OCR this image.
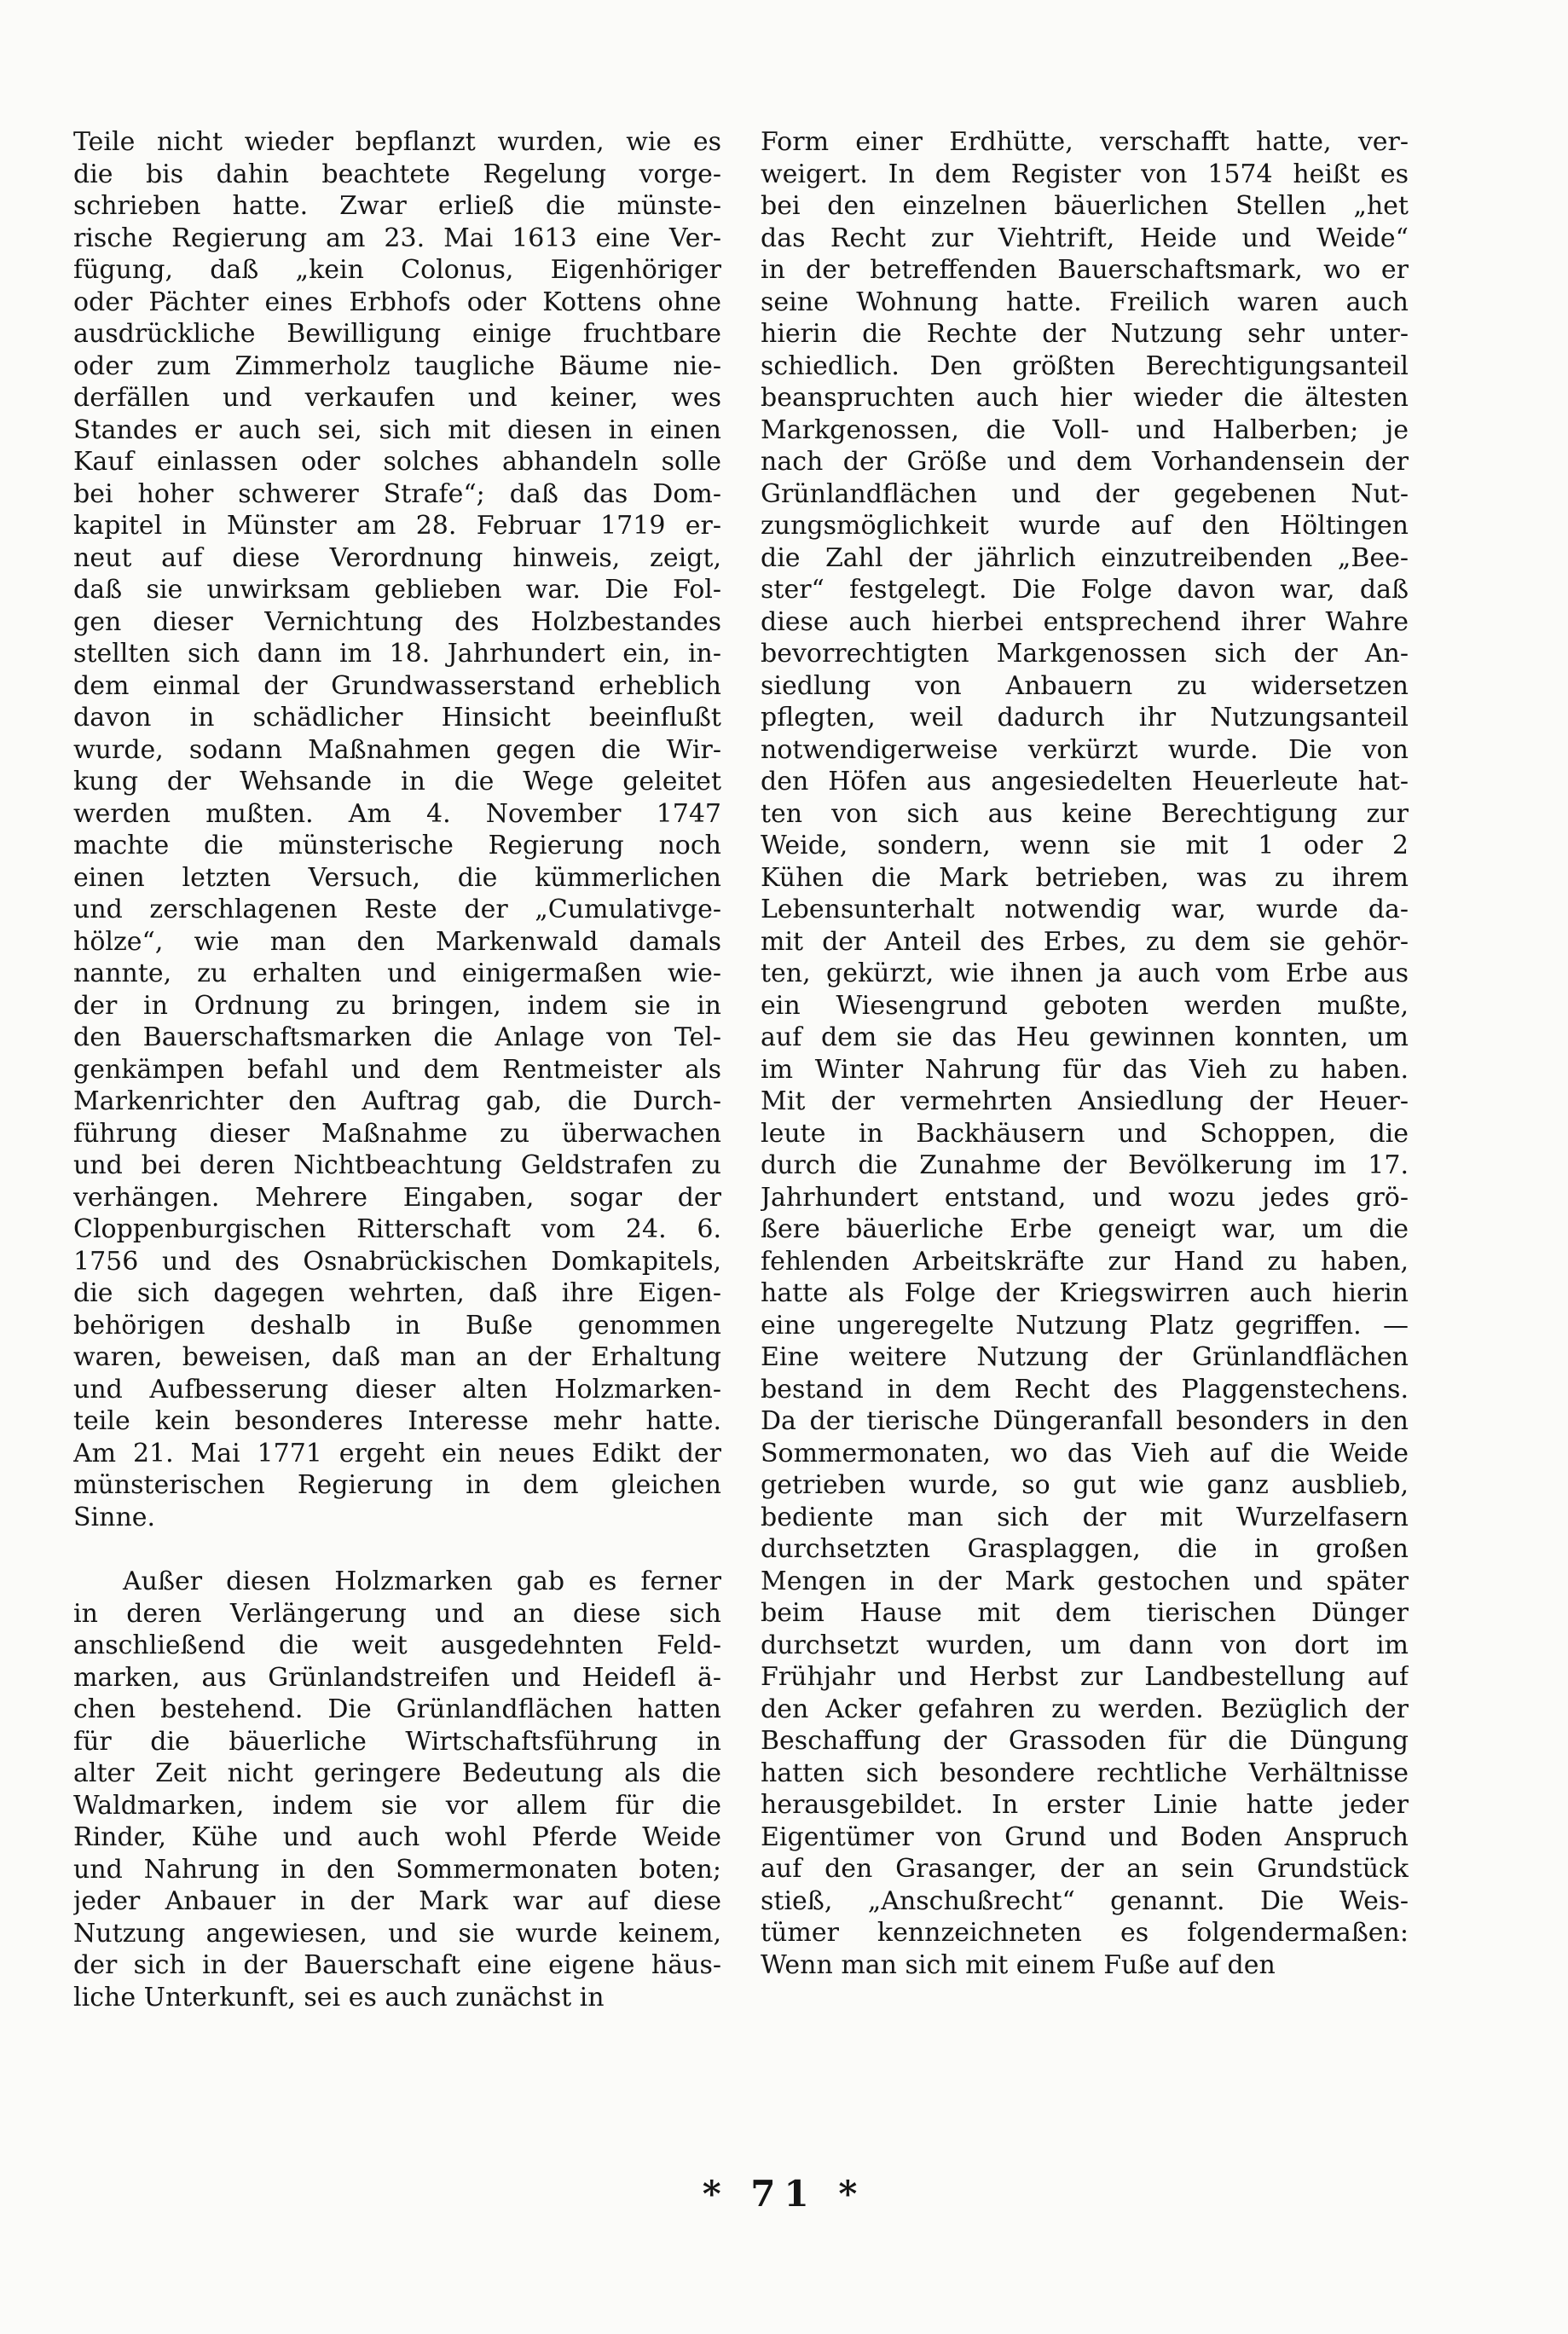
Teile nicht wieder bepflanzt wurden, wie es
die bis dahin beachtete Regelung vorge-
schrieben hatte. Zwar erließ die münste-
rische Regierung am 23. Mai 1613 eine Ver-
fügung, daß „kein Colonus, Eigenhöriger
oder Pächter eines Erbhofs oder Kottens ohne
ausdrückliche Bewilligung einige fruchtbare
oder zum Zimmerholz taugliche Bäume nie-
derfällen und verkaufen und keiner, wes
Standes er auch sei, sich mit diesen in einen
Kauf einlassen oder solches abhandeln solle
bei hoher schwerer Strafe“; daß das Dom-
kapitel in Münster am 28. Februar 1719 er-
neut auf diese Verordnung hinweis, zeigt,
daß sie unwirksam geblieben war. Die Fol-
gen dieser Vernichtung des Holzbestandes
stellten sich dann im 18. Jahrhundert ein, in-
dem einmal der Grundwasserstand erheblich
davon in schädlicher Hinsicht beeinflußt
wurde, sodann Maßnahmen gegen die Wir-
kung der Wehsande in die Wege geleitet
werden mußten. Am 4. November 1747
machte die münsterische Regierung noch
einen letzten Versuch, die kümmerlichen
und zerschlagenen Reste der „Cumulativge-
hölze“, wie man den Markenwald damals
nannte, zu erhalten und einigermaßen wie-
der in Ordnung zu bringen, indem sie in
den Bauerschaftsmarken die Anlage von Tel-
genkämpen befahl und dem Rentmeister als
Markenrichter den Auftrag gab, die Durch-
führung dieser Maßnahme zu überwachen
und bei deren Nichtbeachtung Geldstrafen zu
verhängen. Mehrere Eingaben, sogar der
Cloppenburgischen Ritterschaft vom 24. 6.
1756 und des Osnabrückischen Domkapitels,
die sich dagegen wehrten, daß ihre Eigen-
behörigen deshalb in Buße genommen
waren, beweisen, daß man an der Erhaltung
und Aufbesserung dieser alten Holzmarken-
teile kein besonderes Interesse mehr hatte.
Am 21. Mai 1771 ergeht ein neues Edikt der
münsterischen Regierung in dem gleichen
Sinne.
Außer diesen Holzmarken gab es ferner
in deren Verlängerung und an diese sich
anschließend die weit ausgedehnten Feld-
marken, aus Grünlandstreifen und Heidefl ä-
chen bestehend. Die Grünlandflächen hatten
für die bäuerliche Wirtschaftsführung in
alter Zeit nicht geringere Bedeutung als die
Waldmarken, indem sie vor allem für die
Rinder, Kühe und auch wohl Pferde Weide
und Nahrung in den Sommermonaten boten;
jeder Anbauer in der Mark war auf diese
Nutzung angewiesen, und sie wurde keinem,
der sich in der Bauerschaft eine eigene häus-
liche Unterkunft, sei es auch zunächst in
Form einer Erdhütte, verschafft hatte, ver-
weigert. In dem Register von 1574 heißt es
bei den einzelnen bäuerlichen Stellen „het
das Recht zur Viehtrift, Heide und Weide“
in der betreffenden Bauerschaftsmark, wo er
seine Wohnung hatte. Freilich waren auch
hierin die Rechte der Nutzung sehr unter-
schiedlich. Den größten Berechtigungsanteil
beanspruchten auch hier wieder die ältesten
Markgenossen, die Voll- und Halberben; je
nach der Größe und dem Vorhandensein der
Grünlandflächen und der gegebenen Nut-
zungsmöglichkeit wurde auf den Höltingen
die Zahl der jährlich einzutreibenden „Bee-
ster“ festgelegt. Die Folge davon war, daß
diese auch hierbei entsprechend ihrer Wahre
bevorrechtigten Markgenossen sich der An-
siedlung von Anbauern zu widersetzen
pflegten, weil dadurch ihr Nutzungsanteil
notwendigerweise verkürzt wurde. Die von
den Höfen aus angesiedelten Heuerleute hat-
ten von sich aus keine Berechtigung zur
Weide, sondern, wenn sie mit 1 oder 2
Kühen die Mark betrieben, was zu ihrem
Lebensunterhalt notwendig war, wurde da-
mit der Anteil des Erbes, zu dem sie gehör-
ten, gekürzt, wie ihnen ja auch vom Erbe aus
ein Wiesengrund geboten werden mußte,
auf dem sie das Heu gewinnen konnten, um
im Winter Nahrung für das Vieh zu haben.
Mit der vermehrten Ansiedlung der Heuer-
leute in Backhäusern und Schoppen, die
durch die Zunahme der Bevölkerung im 17.
Jahrhundert entstand, und wozu jedes grö-
ßere bäuerliche Erbe geneigt war, um die
fehlenden Arbeitskräfte zur Hand zu haben,
hatte als Folge der Kriegswirren auch hierin
eine ungeregelte Nutzung Platz gegriffen. —
Eine weitere Nutzung der Grünlandflächen
bestand in dem Recht des Plaggenstechens.
Da der tierische Düngeranfall besonders in den
Sommermonaten, wo das Vieh auf die Weide
getrieben wurde, so gut wie ganz ausblieb,
bediente man sich der mit Wurzelfasern
durchsetzten Grasplaggen, die in großen
Mengen in der Mark gestochen und später
beim Hause mit dem tierischen Dünger
durchsetzt wurden, um dann von dort im
Frühjahr und Herbst zur Landbestellung auf
den Acker gefahren zu werden. Bezüglich der
Beschaffung der Grassoden für die Düngung
hatten sich besondere rechtliche Verhältnisse
herausgebildet. In erster Linie hatte jeder
Eigentümer von Grund und Boden Anspruch
auf den Grasanger, der an sein Grundstück
stieß, „Anschußrecht“ genannt. Die Weis-
tümer kennzeichneten es folgendermaßen:
Wenn man sich mit einem Fuße auf den
* 71 *
